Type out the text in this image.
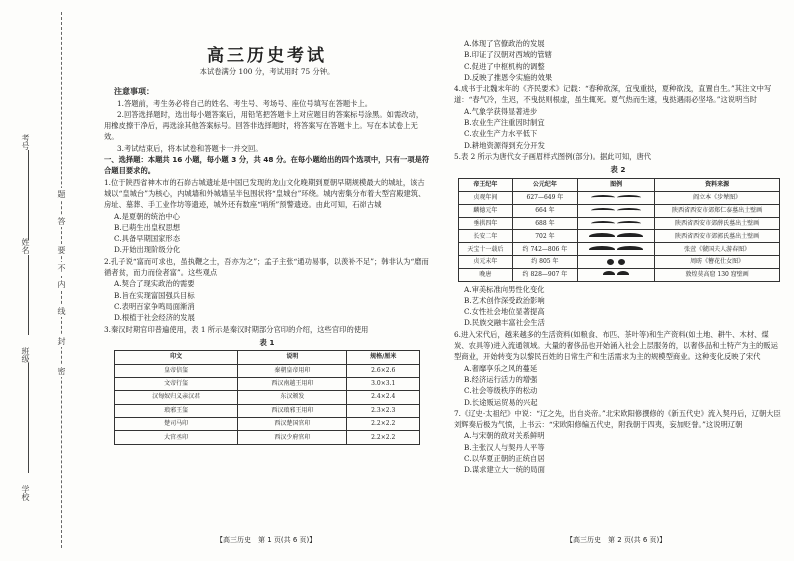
考号
姓名
班级
学校
密
封
线
内
不
要
答
题
高三历史考试

本试卷满分 100 分，考试用时 75 分钟。

注意事项：

1.答题前，考生务必将自己的姓名、考生号、考场号、座位号填写在答题卡上。

2.回答选择题时，选出每小题答案后，用铅笔把答题卡上对应题目的答案标号涂黑。如需改动，用橡皮擦干净后，再选涂其他答案标号。回答非选择题时，将答案写在答题卡上。写在本试卷上无效。

3.考试结束后，将本试卷和答题卡一并交回。

一、选择题：本题共 16 小题，每小题 3 分，共 48 分。在每小题给出的四个选项中，只有一项是符合题目要求的。

1.位于陕西省神木市的石峁古城遗址是中国已发现的龙山文化晚期到夏朝早期规模最大的城址，该古城以“皇城台”为核心，内城墙和外城墙呈半包围状将“皇城台”环绕。城内密集分布着大型宫殿建筑、房址、墓葬、手工业作坊等遗迹，城外还有数座“哨所”预警遗迹。由此可知，石峁古城

A.是夏朝的统治中心

B.已萌生出皇权思想

C.具备早期国家形态

D.开始出现阶级分化

2.孔子说“富而可求也，虽执鞭之士，吾亦为之”；孟子主张“通功易事，以羡补不足”；韩非认为“磨而循者贫，而力而俭者富”。这些观点

A.契合了现实政治的需要

B.旨在实现富国强兵目标

C.表明百家争鸣局面渐消

D.根植于社会经济的发展

3.秦汉时期官印普遍使用，表 1 所示是秦汉时期部分官印的介绍，这些官印的使用

表 1
印文	说明	规格/厘米
皇帝信玺	秦朝皇帝用印	2.6×2.6
文帝行玺	西汉南越王用印	3.0×3.1
汉匈奴归义亲汉君	东汉颁发	2.4×2.4
琅邪王玺	西汉琅邪王用印	2.3×2.3
楚司马印	西汉楚国官印	2.2×2.2
大官丞印	西汉少府官印	2.2×2.2
【高三历史　第 1 页(共 6 页)】

A.体现了官僚政治的发展

B.印证了汉朝对西域的管辖

C.促进了中枢机构的调整

D.反映了推恩令实施的效果

4.成书于北魏末年的《齐民要术》记载：“春种欲深，宜曳重挞，夏种欲浅，直置自生。”其注文中写道：“春气冷，生迟，不曳挞则根虚，虽生辄死。夏气热而生速，曳挞遇雨必坚垎。”这说明当时

A.气象学获得显著进步

B.农业生产注重因时制宜

C.农业生产力水平低下

D.耕地资源得到充分开发

5.表 2 所示为唐代女子画眉样式图例(部分)。据此可知，唐代

表 2
帝王纪年	公元纪年	图例	资料来源
贞观年间	627—649 年		阎立本《步辇图》
麟德元年	664 年		陕西省西安市郊郑仁泰墓出土壁画
垂拱四年	688 年		陕西省西安市郊薛氏墓出土壁画
长安二年	702 年		陕西省西安市郊郭氏墓出土壁画
天宝十一载后	约 742—806 年		张萱《虢国夫人游春图》
贞元末年	约 805 年		周昉《簪花仕女图》
晚唐	约 828—907 年		敦煌莫高窟 130 窟壁画

A.审美标准向男性化变化

B.艺术创作深受政治影响

C.女性社会地位显著提高

D.民族交融丰富社会生活

6.进入宋代后，越来越多的生活资料(如粮食、布匹、茶叶等)和生产资料(如土地、耕牛、木材、煤炭、农具等)进入流通领域。大量的奢侈品也开始涌入社会上层服务的，以奢侈品和土特产为主的贩运型商业，开始转变为以黎民百姓的日常生产和生活需求为主的规模型商业。这种变化反映了宋代

A.奢靡享乐之风的蔓延

B.经济运行活力的增强

C.社会等级秩序的松动

D.长途贩运贸易的兴起

7.《辽史·太祖纪》中说：“辽之先，出自炎帝。”北宋欧阳修撰修的《新五代史》流入契丹后，辽朝大臣刘辉奏后极为气愤，上书云：“宋欧阳修编五代史，附我朝于四夷，妄加贬誉。”这说明辽朝

A.与宋朝的敌对关系鲜明

B.主张汉人与契丹人平等

C.以华夏正朝的正统自居

D.谋求建立大一统的局面

【高三历史　第 2 页(共 6 页)】
